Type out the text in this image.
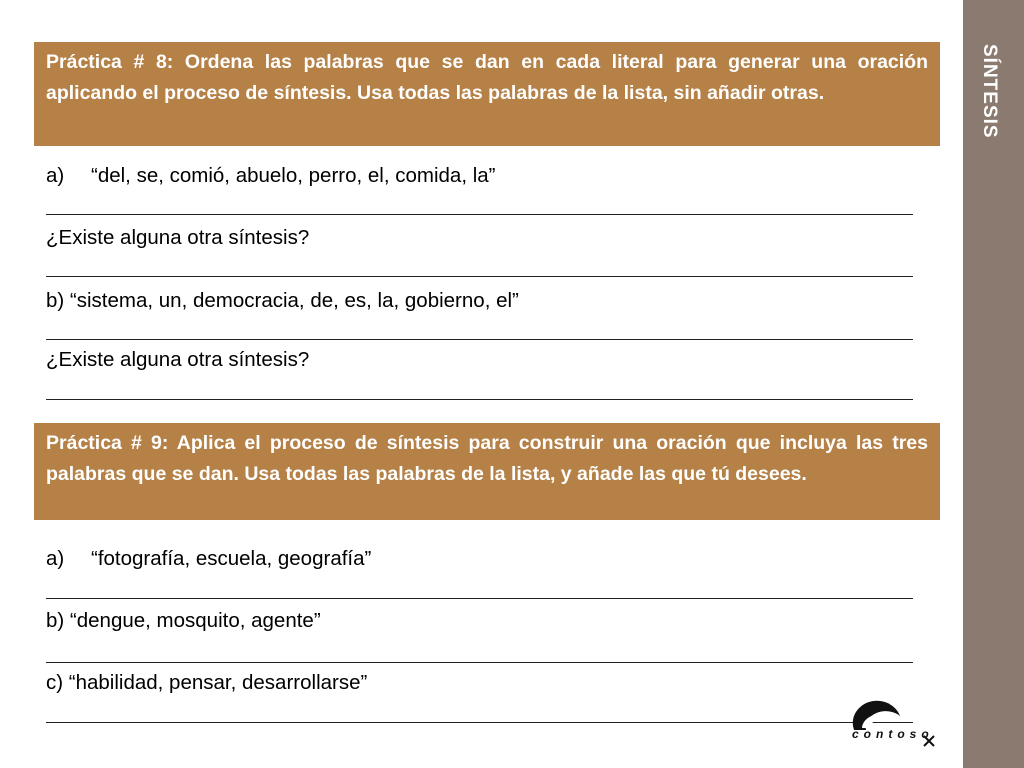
SÍNTESIS
Práctica # 8: Ordena las palabras que se dan en cada literal para generar una oración aplicando el proceso de síntesis. Usa todas las palabras de la lista, sin añadir otras.
a) “del, se, comió, abuelo, perro, el, comida, la”
¿Existe alguna otra síntesis?
b) “sistema, un, democracia, de, es, la, gobierno, el”
¿Existe alguna otra síntesis?
Práctica # 9: Aplica el proceso de síntesis para construir una oración que incluya las tres palabras que se dan. Usa todas las palabras de la lista, y añade las que tú desees.
a) “fotografía, escuela, geografía”
b) “dengue, mosquito, agente”
c) “habilidad, pensar, desarrollarse”
contoso
